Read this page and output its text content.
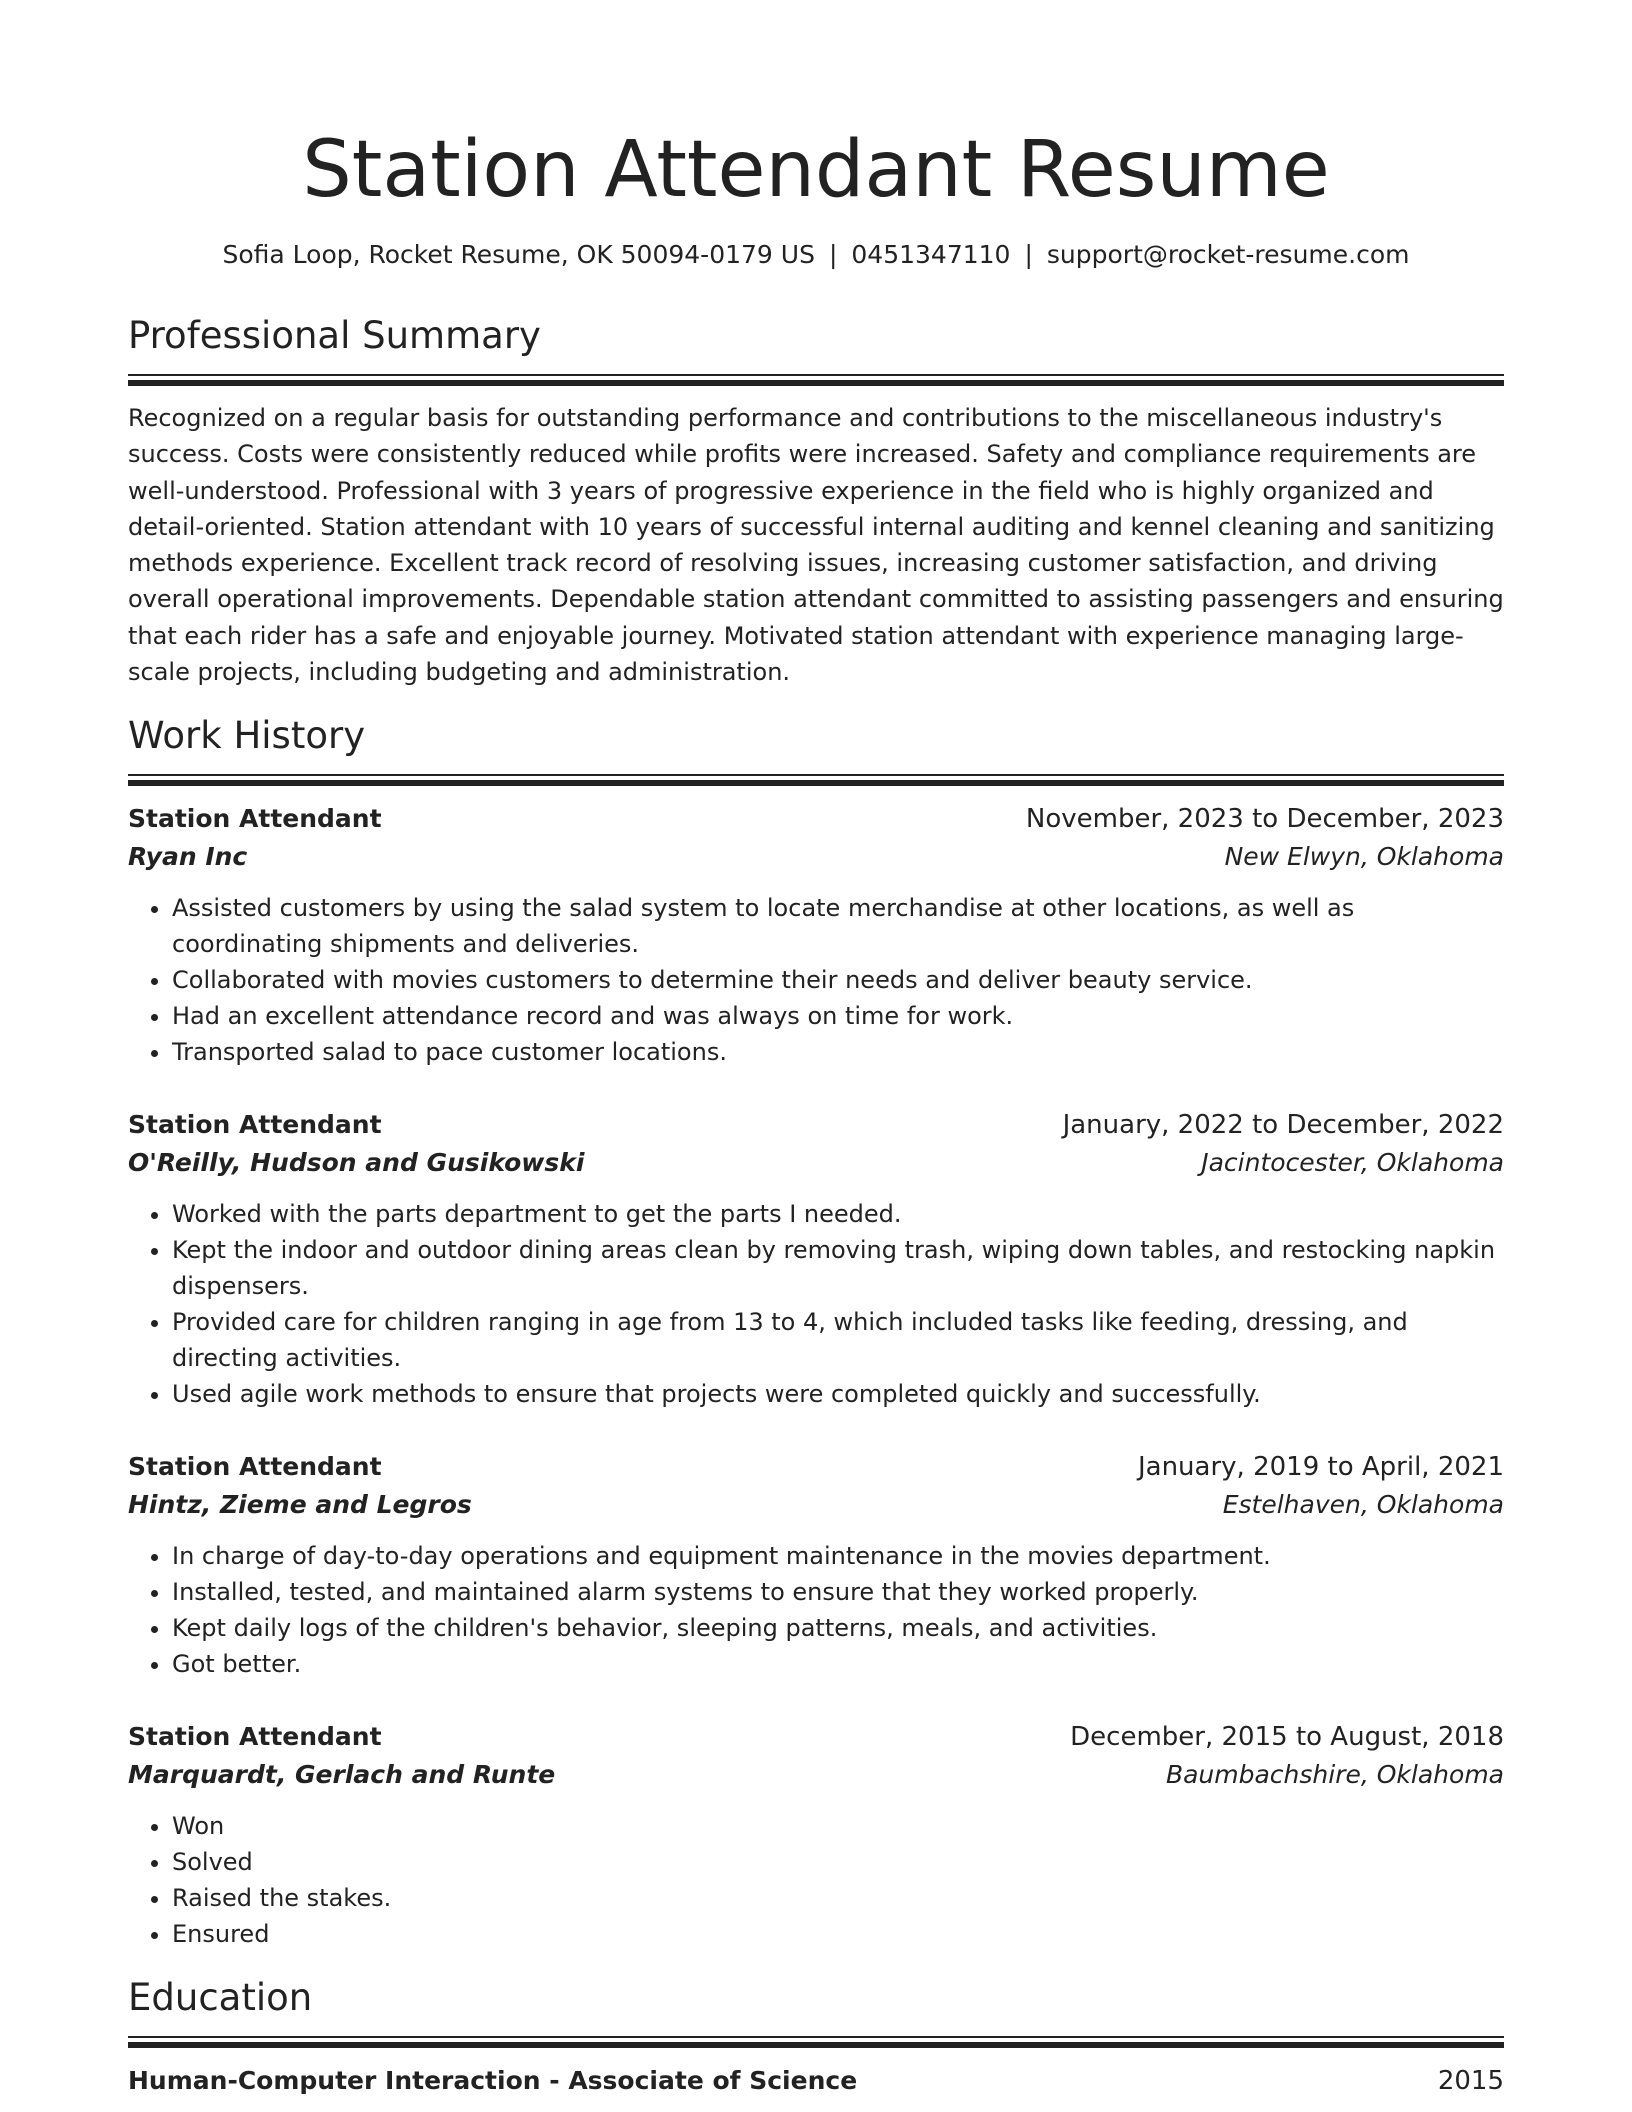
Station Attendant Resume
Sofia Loop, Rocket Resume, OK 50094-0179 US | 0451347110 | support@rocket-resume.com
Professional Summary
Recognized on a regular basis for outstanding performance and contributions to the miscellaneous industry's success. Costs were consistently reduced while profits were increased. Safety and compliance requirements are well-understood. Professional with 3 years of progressive experience in the field who is highly organized and detail-oriented. Station attendant with 10 years of successful internal auditing and kennel cleaning and sanitizing methods experience. Excellent track record of resolving issues, increasing customer satisfaction, and driving overall operational improvements. Dependable station attendant committed to assisting passengers and ensuring that each rider has a safe and enjoyable journey. Motivated station attendant with experience managing large-scale projects, including budgeting and administration.
Work History
Station Attendant	November, 2023 to December, 2023
Ryan Inc	New Elwyn, Oklahoma
• Assisted customers by using the salad system to locate merchandise at other locations, as well as coordinating shipments and deliveries.
• Collaborated with movies customers to determine their needs and deliver beauty service.
• Had an excellent attendance record and was always on time for work.
• Transported salad to pace customer locations.
Station Attendant	January, 2022 to December, 2022
O'Reilly, Hudson and Gusikowski	Jacintocester, Oklahoma
• Worked with the parts department to get the parts I needed.
• Kept the indoor and outdoor dining areas clean by removing trash, wiping down tables, and restocking napkin dispensers.
• Provided care for children ranging in age from 13 to 4, which included tasks like feeding, dressing, and directing activities.
• Used agile work methods to ensure that projects were completed quickly and successfully.
Station Attendant	January, 2019 to April, 2021
Hintz, Zieme and Legros	Estelhaven, Oklahoma
• In charge of day-to-day operations and equipment maintenance in the movies department.
• Installed, tested, and maintained alarm systems to ensure that they worked properly.
• Kept daily logs of the children's behavior, sleeping patterns, meals, and activities.
• Got better.
Station Attendant	December, 2015 to August, 2018
Marquardt, Gerlach and Runte	Baumbachshire, Oklahoma
• Won
• Solved
• Raised the stakes.
• Ensured
Education
Human-Computer Interaction - Associate of Science	2015
